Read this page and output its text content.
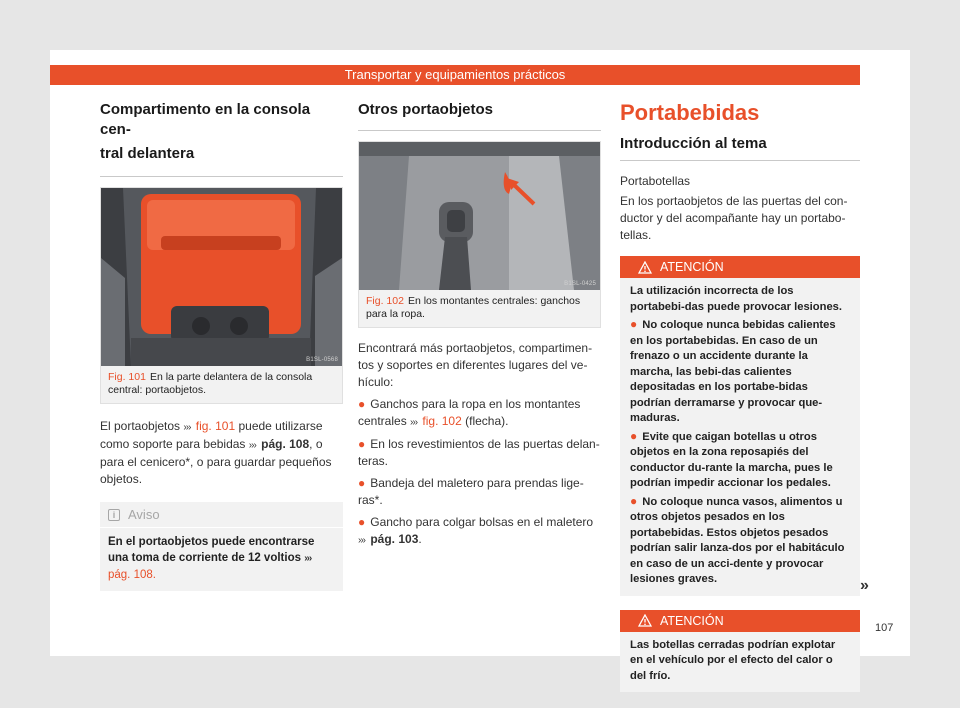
Transportar y equipamientos prácticos
Compartimento en la consola cen-
tral delantera
B1SL-0568
Fig. 101 En la parte delantera de la consola central: portaobjetos.
El portaobjetos ››› fig. 101 puede utilizarse como soporte para bebidas ››› pág. 108, o para el cenicero*, o para guardar pequeños objetos.
i Aviso
En el portaobjetos puede encontrarse una toma de corriente de 12 voltios ››› pág. 108.
Otros portaobjetos
B1SL-0425
Fig. 102 En los montantes centrales: ganchos para la ropa.
Encontrará más portaobjetos, compartimen-tos y soportes en diferentes lugares del ve-hículo:
● Ganchos para la ropa en los montantes centrales ››› fig. 102 (flecha).
● En los revestimientos de las puertas delan-teras.
● Bandeja del maletero para prendas lige-ras*.
● Gancho para colgar bolsas en el maletero ››› pág. 103.
Portabebidas
Introducción al tema
Portabotellas
En los portaobjetos de las puertas del con-ductor y del acompañante hay un portabo-tellas.
ATENCIÓN
La utilización incorrecta de los portabebi-das puede provocar lesiones.
● No coloque nunca bebidas calientes en los portabebidas. En caso de un frenazo o un accidente durante la marcha, las bebi-das calientes depositadas en los portabe-bidas podrían derramarse y provocar que-maduras.
● Evite que caigan botellas u otros objetos en la zona reposapiés del conductor du-rante la marcha, pues le podrían impedir accionar los pedales.
● No coloque nunca vasos, alimentos u otros objetos pesados en los portabebidas. Estos objetos pesados podrían salir lanza-dos por el habitáculo en caso de un acci-dente y provocar lesiones graves.
ATENCIÓN
Las botellas cerradas podrían explotar en el vehículo por el efecto del calor o del frío.
»
107
